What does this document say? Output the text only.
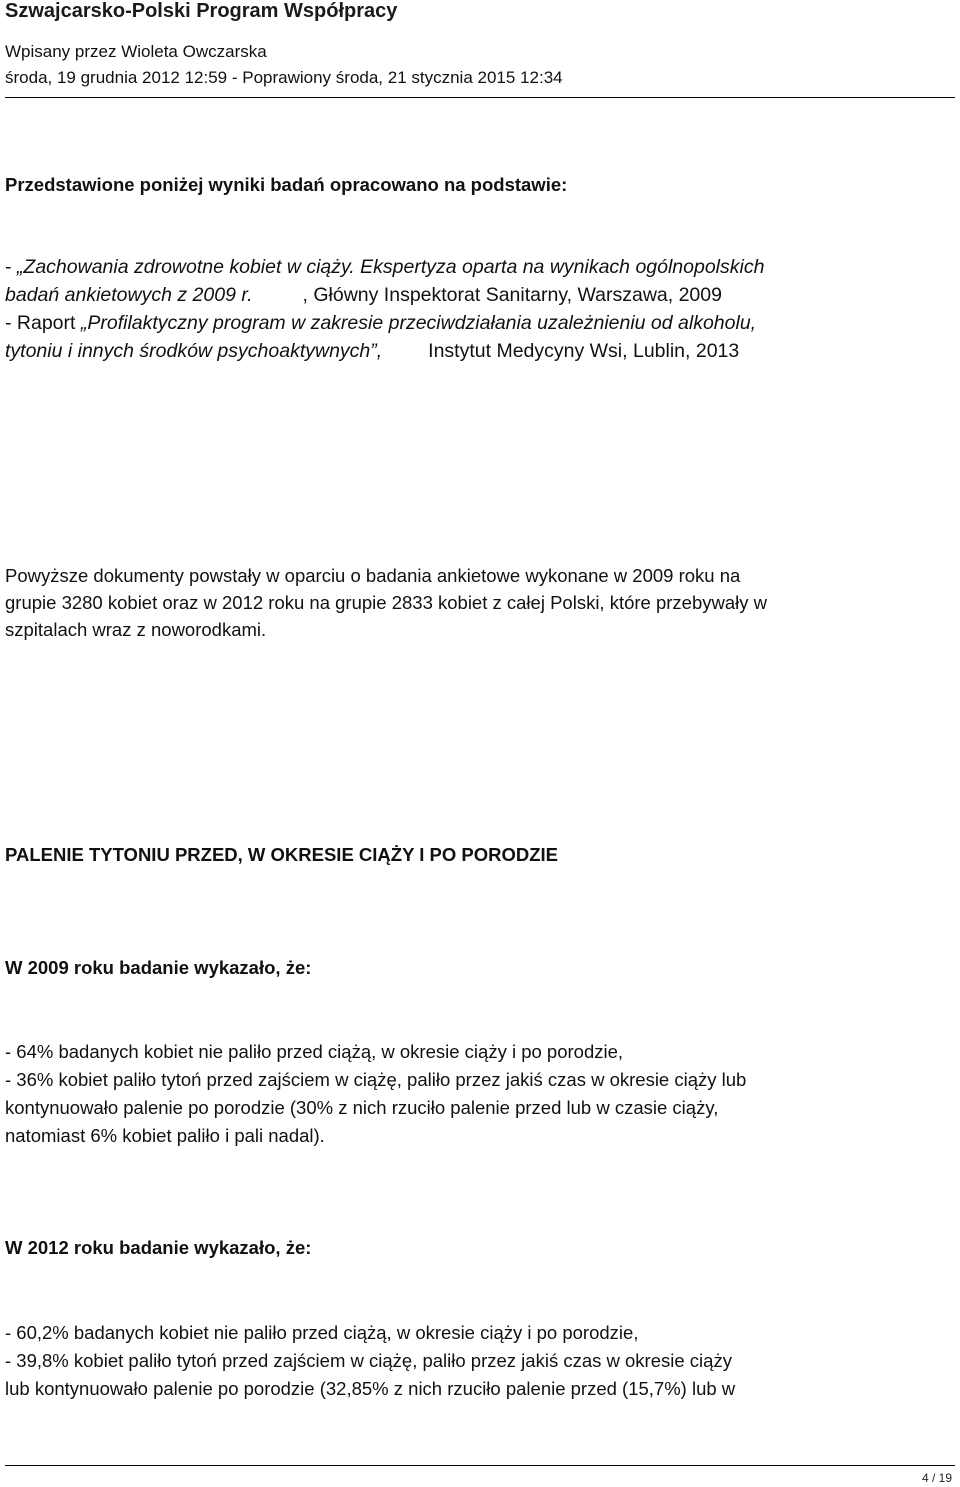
Szwajcarsko-Polski Program Współpracy
Wpisany przez Wioleta Owczarska
środa, 19 grudnia 2012 12:59 - Poprawiony środa, 21 stycznia 2015 12:34
Przedstawione poniżej wyniki badań opracowano na podstawie:
- „Zachowania zdrowotne kobiet w ciąży. Ekspertyza oparta na wynikach ogólnopolskich
badań ankietowych z 2009 r.	, Główny Inspektorat Sanitarny, Warszawa, 2009
- Raport „Profilaktyczny program w zakresie przeciwdziałania uzależnieniu od alkoholu,
tytoniu i innych środków psychoaktywnych”, Instytut Medycyny Wsi, Lublin, 2013
Powyższe dokumenty powstały w oparciu o badania ankietowe wykonane w 2009 roku na
grupie 3280 kobiet oraz w 2012 roku na grupie 2833 kobiet z całej Polski, które przebywały w
szpitalach wraz z noworodkami.
PALENIE TYTONIU PRZED, W OKRESIE CIĄŻY I PO PORODZIE
W 2009 roku badanie wykazało, że:
- 64% badanych kobiet nie paliło przed ciążą, w okresie ciąży i po porodzie,
- 36% kobiet paliło tytoń przed zajściem w ciążę, paliło przez jakiś czas w okresie ciąży lub
kontynuowało palenie po porodzie (30% z nich rzuciło palenie przed lub w czasie ciąży,
natomiast 6% kobiet paliło i pali nadal).
W 2012 roku badanie wykazało, że:
- 60,2% badanych kobiet nie paliło przed ciążą, w okresie ciąży i po porodzie,
- 39,8% kobiet paliło tytoń przed zajściem w ciążę, paliło przez jakiś czas w okresie ciąży
lub kontynuowało palenie po porodzie (32,85% z nich rzuciło palenie przed (15,7%) lub w
4 / 19
